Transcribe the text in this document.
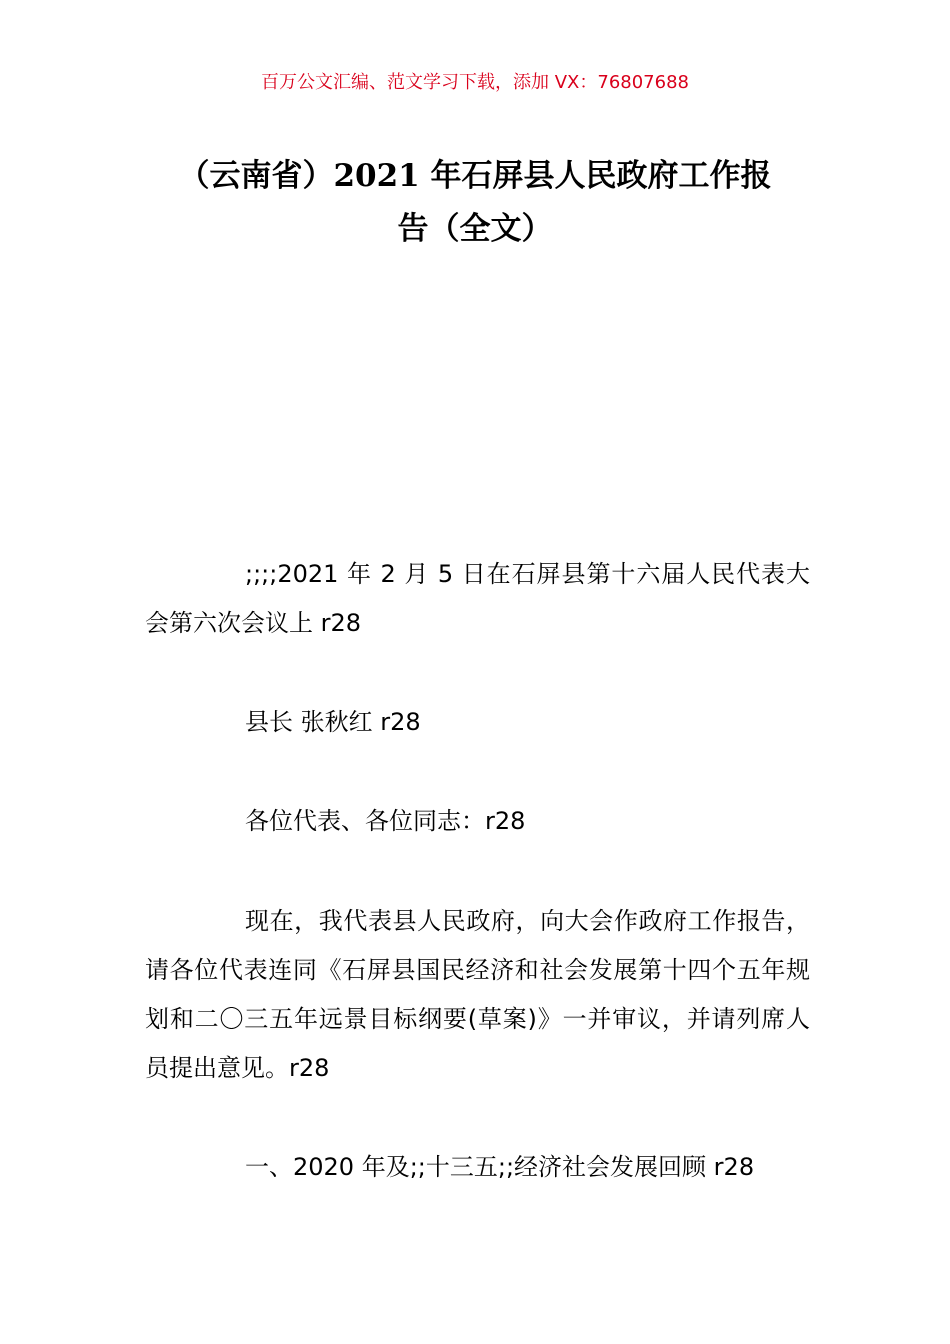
百万公文汇编、范文学习下载，添加 VX：76807688
（云南省）2021 年石屏县人民政府工作报
告（全文）

;;;;2021 年 2 月 5 日在石屏县第十六届人民代表大会第六次会议上 r28

县长 张秋红 r28

各位代表、各位同志：r28

现在，我代表县人民政府，向大会作政府工作报告，请各位代表连同《石屏县国民经济和社会发展第十四个五年规划和二〇三五年远景目标纲要(草案)》一并审议，并请列席人员提出意见。r28

一、2020 年及;;十三五;;经济社会发展回顾 r28
